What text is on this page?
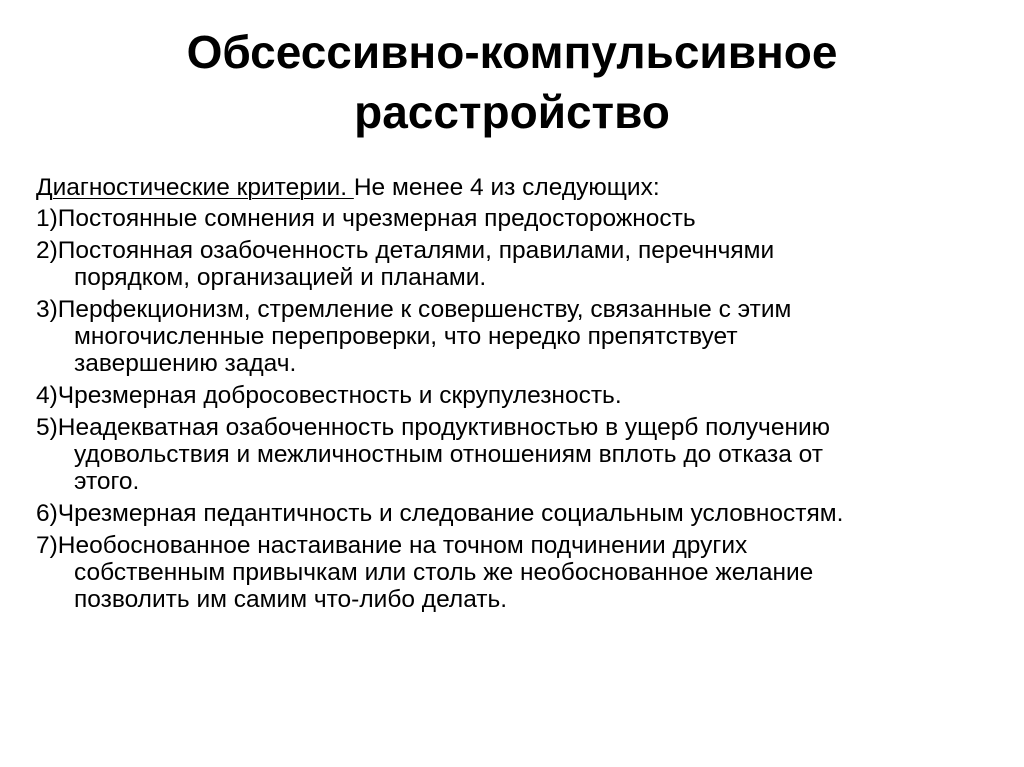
Обсессивно-компульсивное
расстройство

Диагностические критерии. Не менее 4 из следующих:

1)Постоянные сомнения и чрезмерная предосторожность
2)Постоянная озабоченность деталями, правилами, перечнчями
порядком, организацией и планами.
3)Перфекционизм, стремление к совершенству, связанные с этим
многочисленные перепроверки, что нередко препятствует
завершению задач.
4)Чрезмерная добросовестность и скрупулезность.
5)Неадекватная озабоченность продуктивностью в ущерб получению
удовольствия и межличностным отношениям вплоть до отказа от
этого.
6)Чрезмерная педантичность и следование социальным условностям.
7)Необоснованное настаивание на точном подчинении других
собственным привычкам или столь же необоснованное желание
позволить им самим что-либо делать.
